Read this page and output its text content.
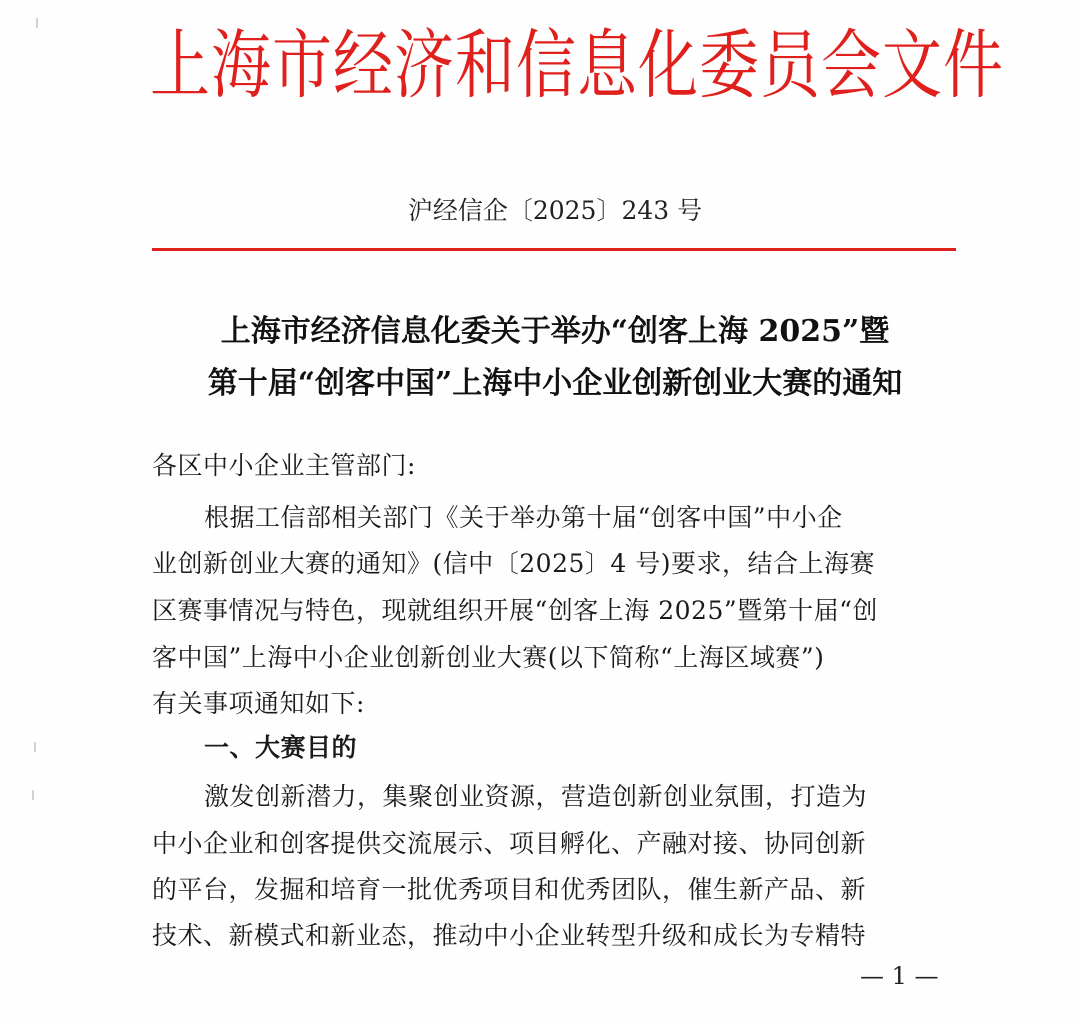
上海市经济和信息化委员会文件
沪经信企〔2025〕243 号
上海市经济信息化委关于举办“创客上海 2025”暨
第十届“创客中国”上海中小企业创新创业大赛的通知
各区中小企业主管部门:
根据工信部相关部门《关于举办第十届“创客中国”中小企
业创新创业大赛的通知》(信中〔2025〕4 号)要求，结合上海赛
区赛事情况与特色，现就组织开展“创客上海 2025”暨第十届“创
客中国”上海中小企业创新创业大赛(以下简称“上海区域赛”)
有关事项通知如下:
一、大赛目的
激发创新潜力，集聚创业资源，营造创新创业氛围，打造为
中小企业和创客提供交流展示、项目孵化、产融对接、协同创新
的平台，发掘和培育一批优秀项目和优秀团队，催生新产品、新
技术、新模式和新业态，推动中小企业转型升级和成长为专精特
— 1 —
